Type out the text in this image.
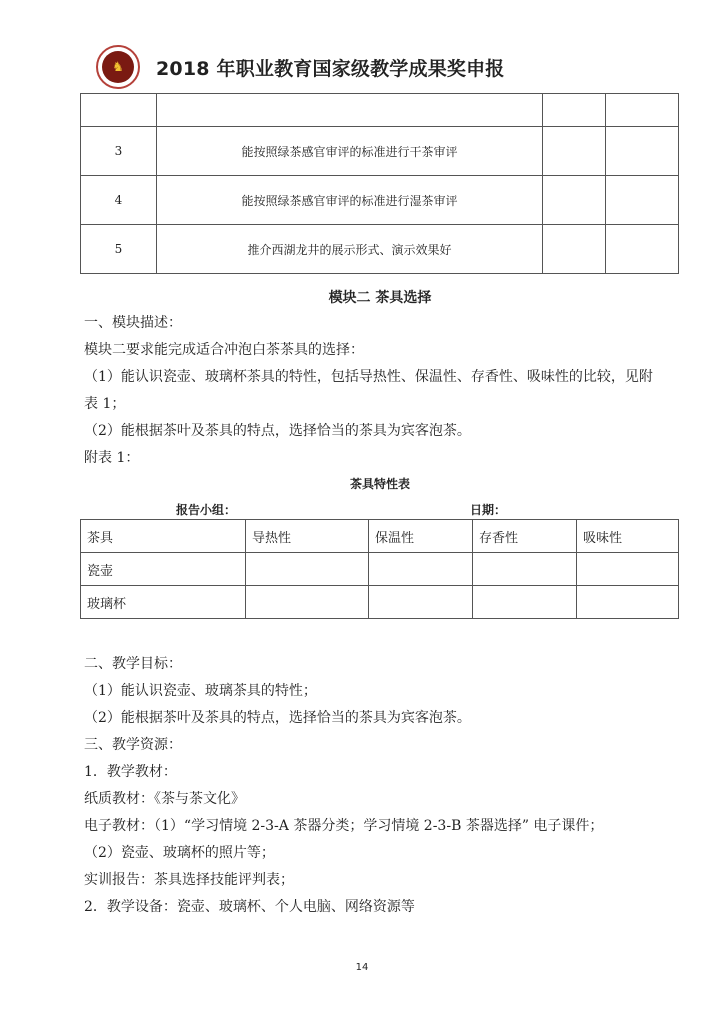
♞	2018 年职业教育国家级教学成果奖申报

3	能按照绿茶感官审评的标准进行干茶审评		
4	能按照绿茶感官审评的标准进行湿茶审评		
5	推介西湖龙井的展示形式、演示效果好		
模块二 茶具选择
一、模块描述：
模块二要求能完成适合冲泡白茶茶具的选择：
（1）能认识瓷壶、玻璃杯茶具的特性，包括导热性、保温性、存香性、吸味性的比较，见附
表 1；
（2）能根据茶叶及茶具的特点，选择恰当的茶具为宾客泡茶。
附表 1：
茶具特性表
报告小组：	日期：
茶具	导热性	保温性	存香性	吸味性
瓷壶				
玻璃杯				
二、教学目标：
（1）能认识瓷壶、玻璃茶具的特性；
（2）能根据茶叶及茶具的特点，选择恰当的茶具为宾客泡茶。
三、教学资源：
1．教学教材：
纸质教材：《茶与茶文化》
电子教材：（1）“学习情境 2-3-A 茶器分类；学习情境 2-3-B 茶器选择” 电子课件；
（2）瓷壶、玻璃杯的照片等；
实训报告：茶具选择技能评判表；
2．教学设备：瓷壶、玻璃杯、个人电脑、网络资源等
14
